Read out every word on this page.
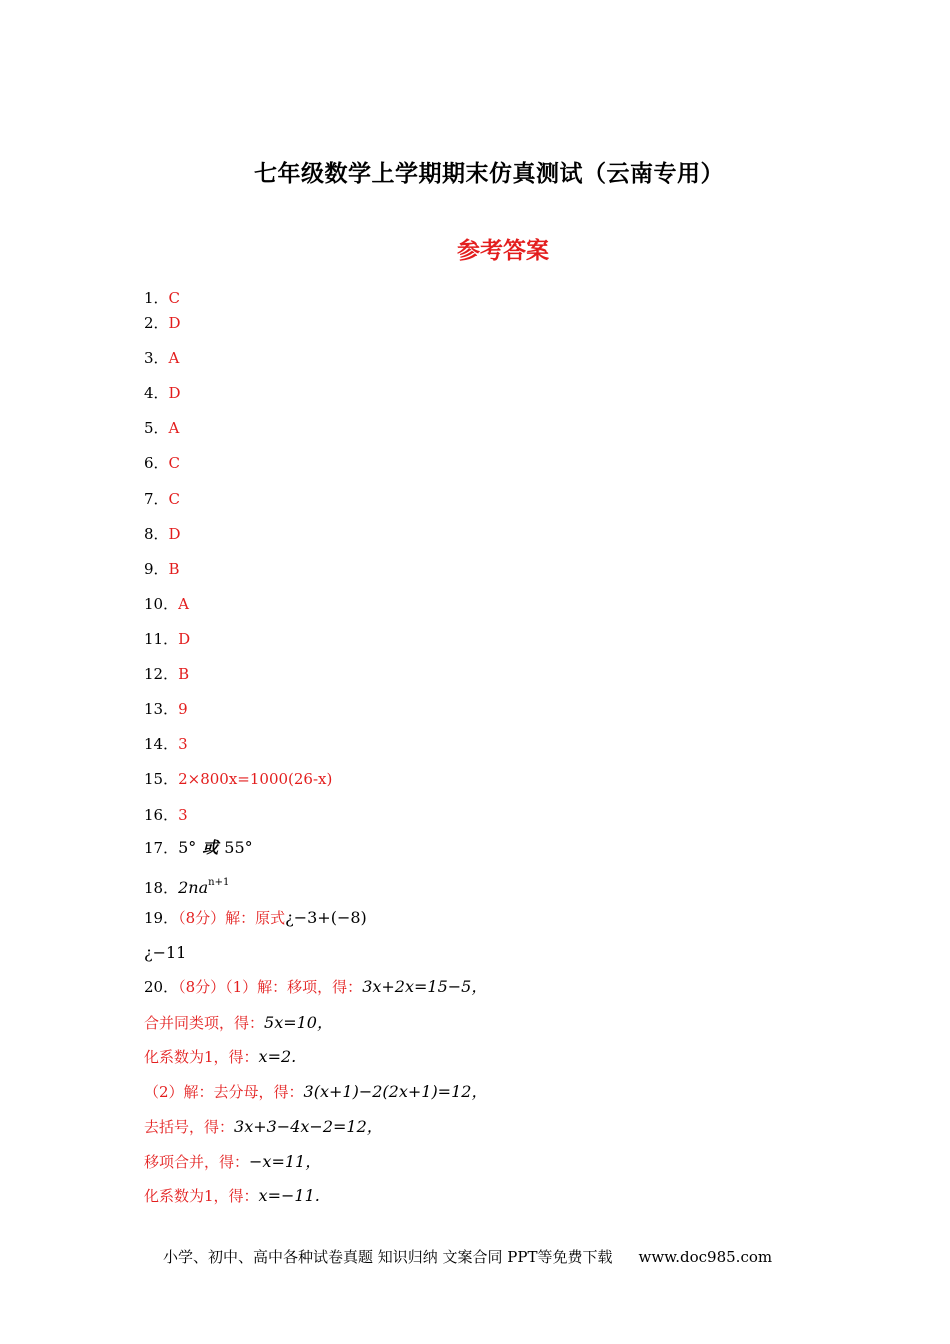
七年级数学上学期期末仿真测试（云南专用）
参考答案
1．C
2．D
3．A
4．D
5．A
6．C
7．C
8．D
9．B
10．A
11．D
12．B
13．9
14．3
15．2×800x=1000(26-x)
16．3
17．5° 或 55°
18．$2na^{n+1}$
19．（8分）解：原式¿−3+(−8)
¿−11
20．（8分）（1）解：移项，得：3x+2x=15−5，
合并同类项，得：5x=10，
化系数为1，得：x=2.
（2）解：去分母，得：3(x+1)−2(2x+1)=12，
去括号，得：3x+3−4x−2=12，
移项合并，得：−x=11，
化系数为1，得：x=−11.
小学、初中、高中各种试卷真题 知识归纳 文案合同 PPT等免费下载 www.doc985.com
